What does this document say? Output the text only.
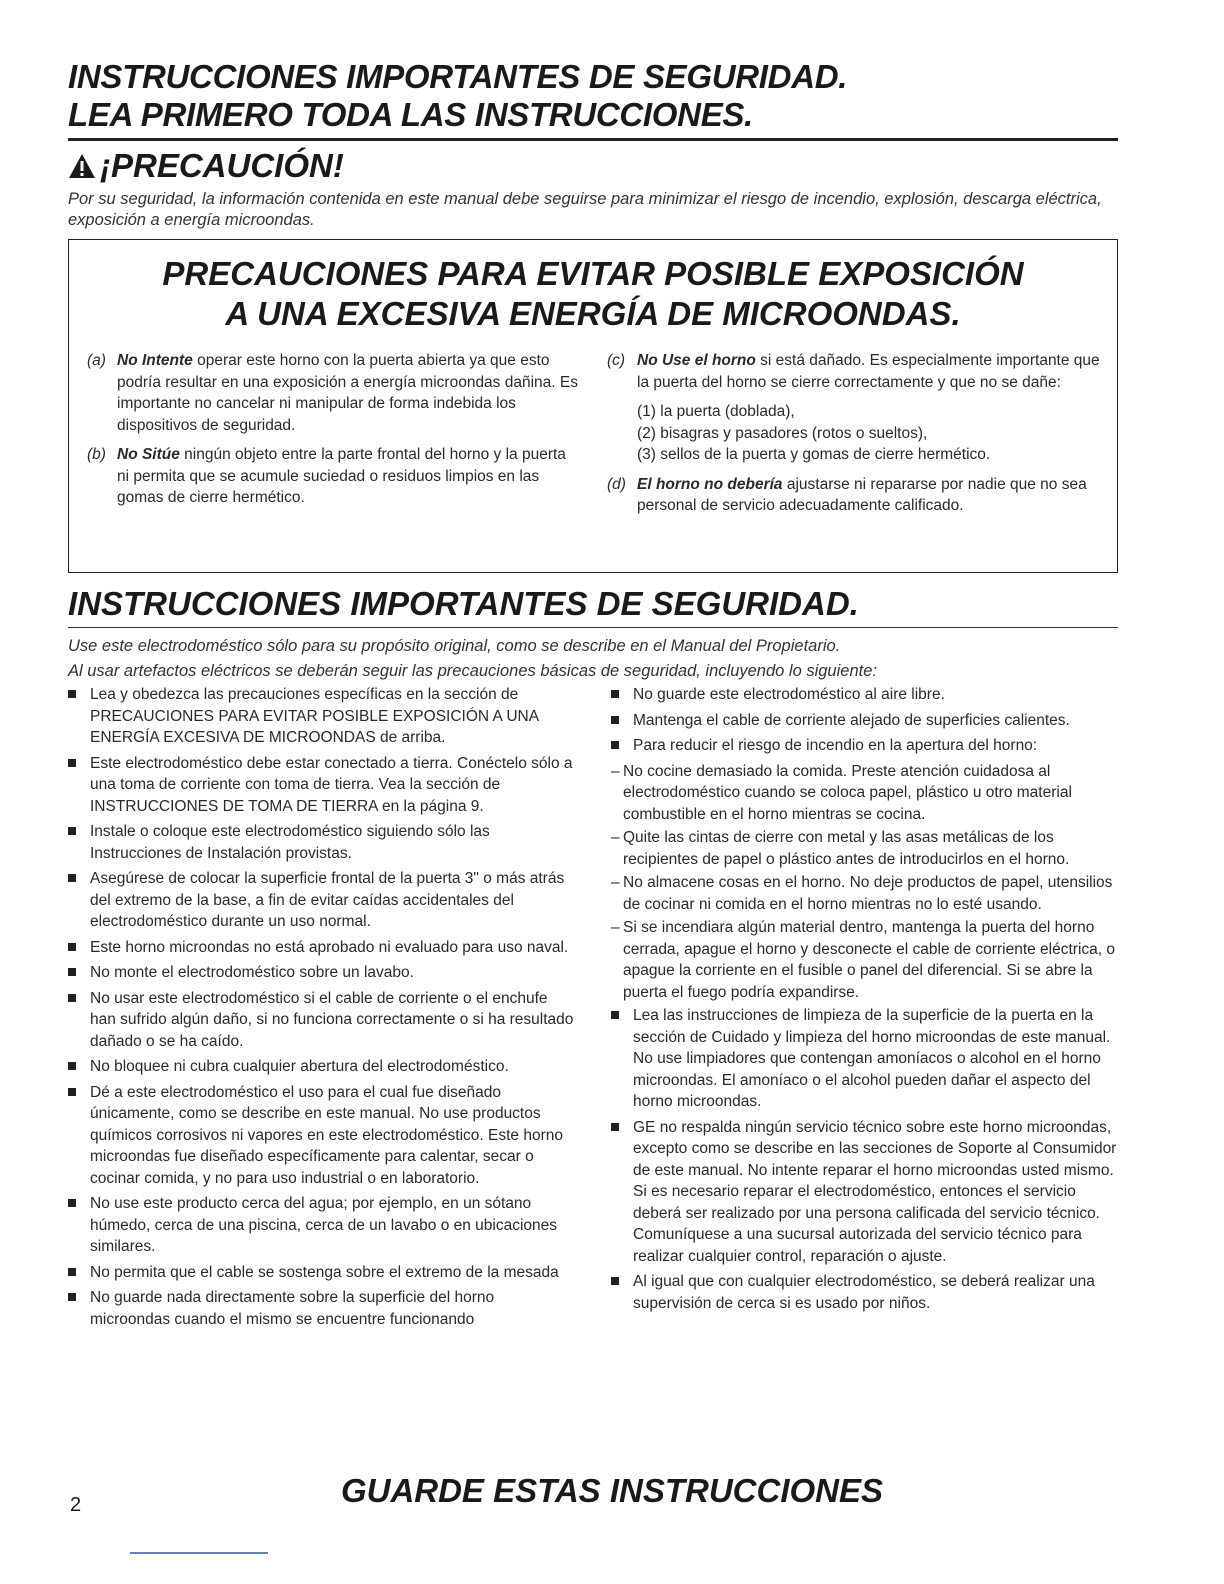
INSTRUCCIONES IMPORTANTES DE SEGURIDAD.
LEA PRIMERO TODA LAS INSTRUCCIONES.
¡PRECAUCIÓN!

Por su seguridad, la información contenida en este manual debe seguirse para minimizar el riesgo de incendio, explosión, descarga eléctrica, exposición a energía microondas.

PRECAUCIONES PARA EVITAR POSIBLE EXPOSICIÓN
A UNA EXCESIVA ENERGÍA DE MICROONDAS.
(a) No Intente operar este horno con la puerta abierta ya que esto podría resultar en una exposición a energía microondas dañina. Es importante no cancelar ni manipular de forma indebida los dispositivos de seguridad.
(b) No Sitúe ningún objeto entre la parte frontal del horno y la puerta ni permita que se acumule suciedad o residuos limpios en las gomas de cierre hermético.
(c) No Use el horno si está dañado. Es especialmente importante que la puerta del horno se cierre correctamente y que no se dañe:
(1) la puerta (doblada),
(2) bisagras y pasadores (rotos o sueltos),
(3) sellos de la puerta y gomas de cierre hermético.
(d) El horno no debería ajustarse ni repararse por nadie que no sea personal de servicio adecuadamente calificado.
INSTRUCCIONES IMPORTANTES DE SEGURIDAD.

Use este electrodoméstico sólo para su propósito original, como se describe en el Manual del Propietario.

Al usar artefactos eléctricos se deberán seguir las precauciones básicas de seguridad, incluyendo lo siguiente:

Lea y obedezca las precauciones específicas en la sección de PRECAUCIONES PARA EVITAR POSIBLE EXPOSICIÓN A UNA ENERGÍA EXCESIVA DE MICROONDAS de arriba.
Este electrodoméstico debe estar conectado a tierra. Conéctelo sólo a una toma de corriente con toma de tierra. Vea la sección de INSTRUCCIONES DE TOMA DE TIERRA en la página 9.
Instale o coloque este electrodoméstico siguiendo sólo las Instrucciones de Instalación provistas.
Asegúrese de colocar la superficie frontal de la puerta 3" o más atrás del extremo de la base, a fin de evitar caídas accidentales del electrodoméstico durante un uso normal.
Este horno microondas no está aprobado ni evaluado para uso naval.
No monte el electrodoméstico sobre un lavabo.
No usar este electrodoméstico si el cable de corriente o el enchufe han sufrido algún daño, si no funciona correctamente o si ha resultado dañado o se ha caído.
No bloquee ni cubra cualquier abertura del electrodoméstico.
Dé a este electrodoméstico el uso para el cual fue diseñado únicamente, como se describe en este manual. No use productos químicos corrosivos ni vapores en este electrodoméstico. Este horno microondas fue diseñado específicamente para calentar, secar o cocinar comida, y no para uso industrial o en laboratorio.
No use este producto cerca del agua; por ejemplo, en un sótano húmedo, cerca de una piscina, cerca de un lavabo o en ubicaciones similares.
No permita que el cable se sostenga sobre el extremo de la mesada
No guarde nada directamente sobre la superficie del horno microondas cuando el mismo se encuentre funcionando
No guarde este electrodoméstico al aire libre.
Mantenga el cable de corriente alejado de superficies calientes.
Para reducir el riesgo de incendio en la apertura del horno:
– No cocine demasiado la comida. Preste atención cuidadosa al electrodoméstico cuando se coloca papel, plástico u otro material combustible en el horno mientras se cocina.
– Quite las cintas de cierre con metal y las asas metálicas de los recipientes de papel o plástico antes de introducirlos en el horno.
– No almacene cosas en el horno. No deje productos de papel, utensilios de cocinar ni comida en el horno mientras no lo esté usando.
– Si se incendiara algún material dentro, mantenga la puerta del horno cerrada, apague el horno y desconecte el cable de corriente eléctrica, o apague la corriente en el fusible o panel del diferencial. Si se abre la puerta el fuego podría expandirse.
Lea las instrucciones de limpieza de la superficie de la puerta en la sección de Cuidado y limpieza del horno microondas de este manual. No use limpiadores que contengan amoníacos o alcohol en el horno microondas. El amoníaco o el alcohol pueden dañar el aspecto del horno microondas.
GE no respalda ningún servicio técnico sobre este horno microondas, excepto como se describe en las secciones de Soporte al Consumidor de este manual. No intente reparar el horno microondas usted mismo. Si es necesario reparar el electrodoméstico, entonces el servicio deberá ser realizado por una persona calificada del servicio técnico. Comuníquese a una sucursal autorizada del servicio técnico para realizar cualquier control, reparación o ajuste.
Al igual que con cualquier electrodoméstico, se deberá realizar una supervisión de cerca si es usado por niños.
GUARDE ESTAS INSTRUCCIONES
2
